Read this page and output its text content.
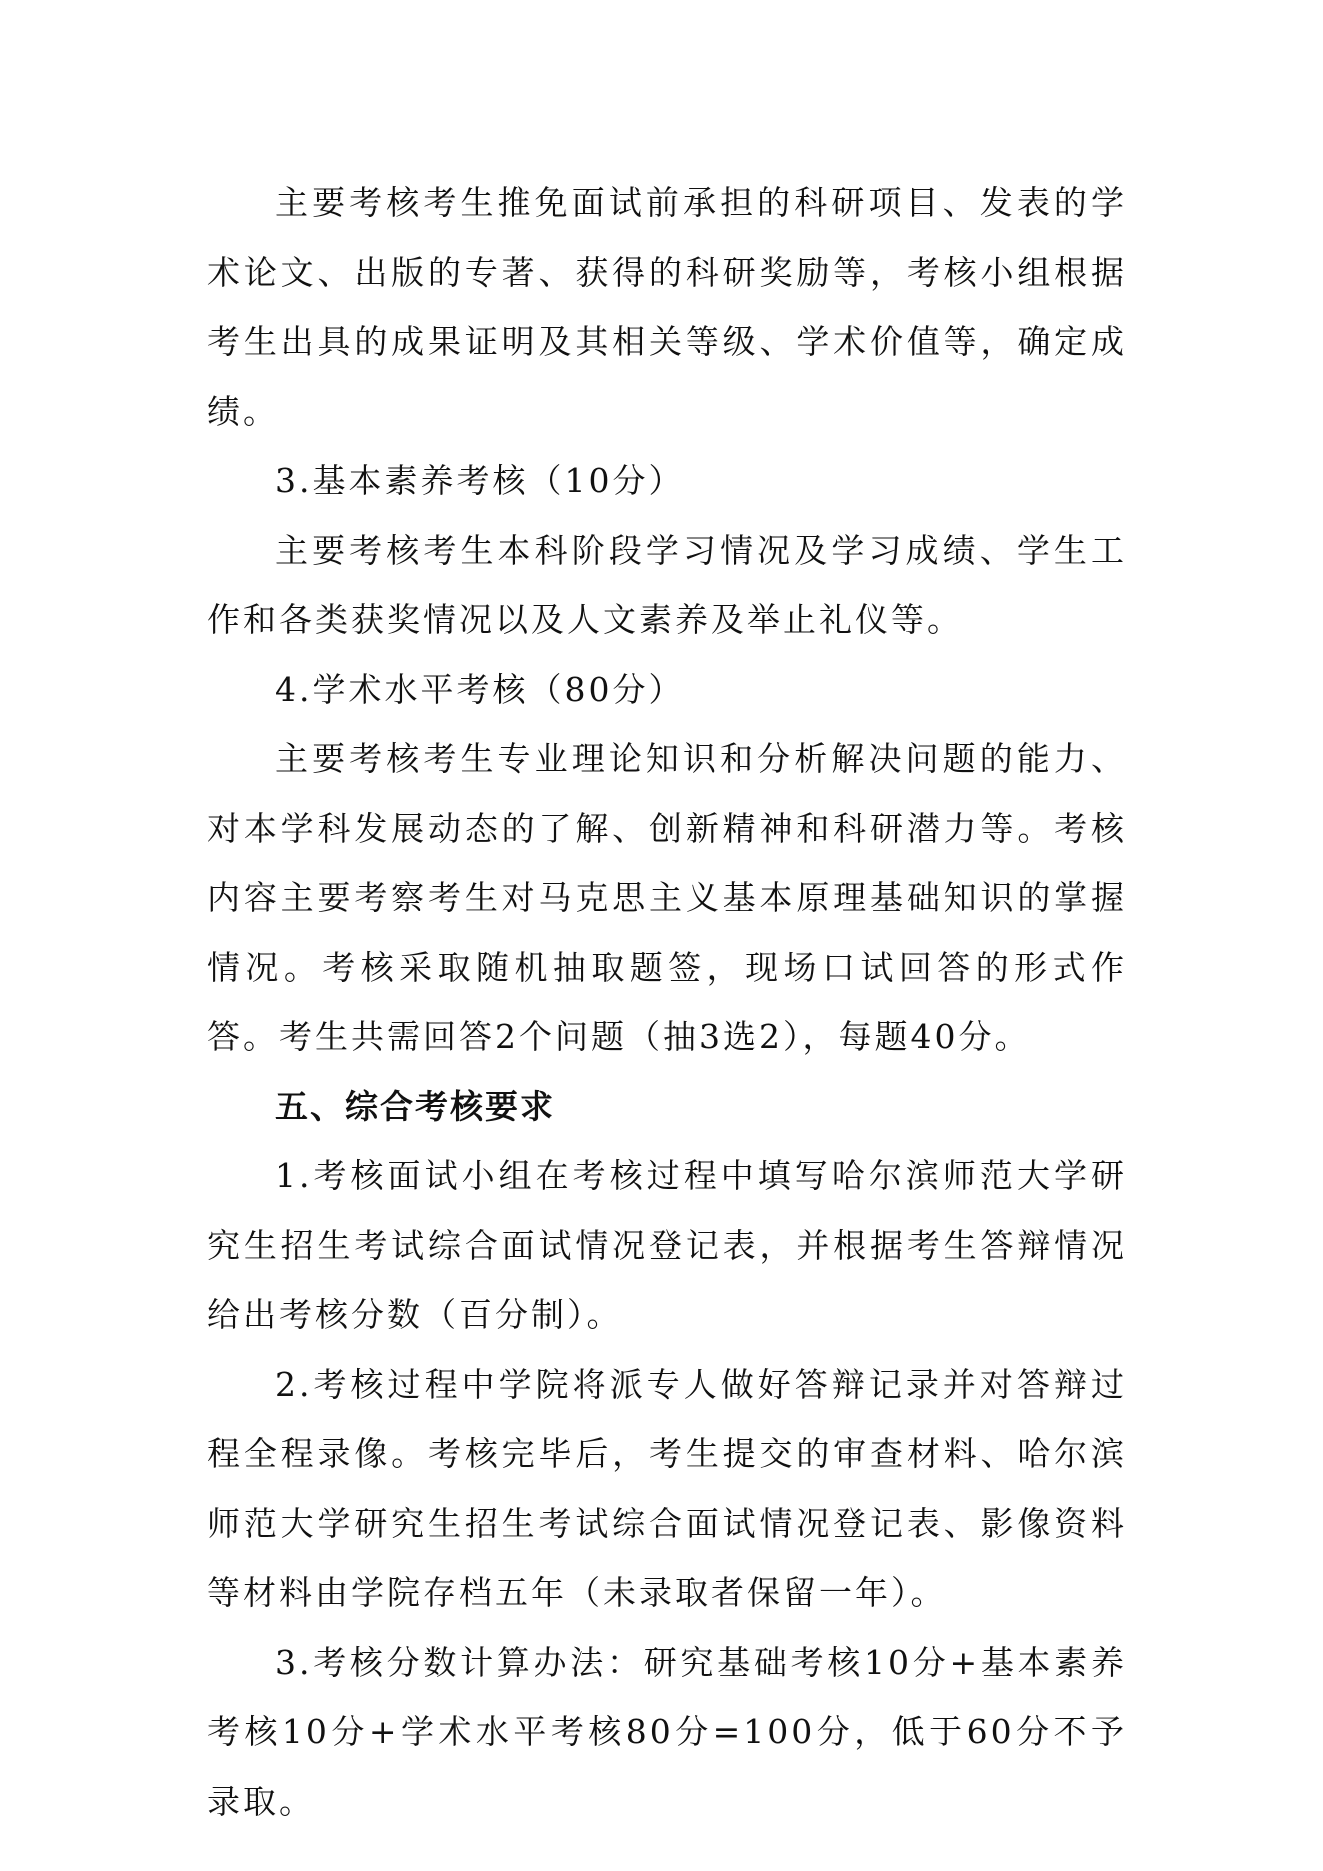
主要考核考生推免面试前承担的科研项目、发表的学术论文、出版的专著、获得的科研奖励等，考核小组根据考生出具的成果证明及其相关等级、学术价值等，确定成绩。

3.基本素养考核（10分）

主要考核考生本科阶段学习情况及学习成绩、学生工作和各类获奖情况以及人文素养及举止礼仪等。

4.学术水平考核（80分）

主要考核考生专业理论知识和分析解决问题的能力、对本学科发展动态的了解、创新精神和科研潜力等。考核内容主要考察考生对马克思主义基本原理基础知识的掌握情况。考核采取随机抽取题签，现场口试回答的形式作答。考生共需回答2个问题（抽3选2），每题40分。

五、综合考核要求

1.考核面试小组在考核过程中填写哈尔滨师范大学研究生招生考试综合面试情况登记表，并根据考生答辩情况给出考核分数（百分制）。

2.考核过程中学院将派专人做好答辩记录并对答辩过程全程录像。考核完毕后，考生提交的审查材料、哈尔滨师范大学研究生招生考试综合面试情况登记表、影像资料等材料由学院存档五年（未录取者保留一年）。

3.考核分数计算办法：研究基础考核10分+基本素养考核10分+学术水平考核80分=100分，低于60分不予录取。
